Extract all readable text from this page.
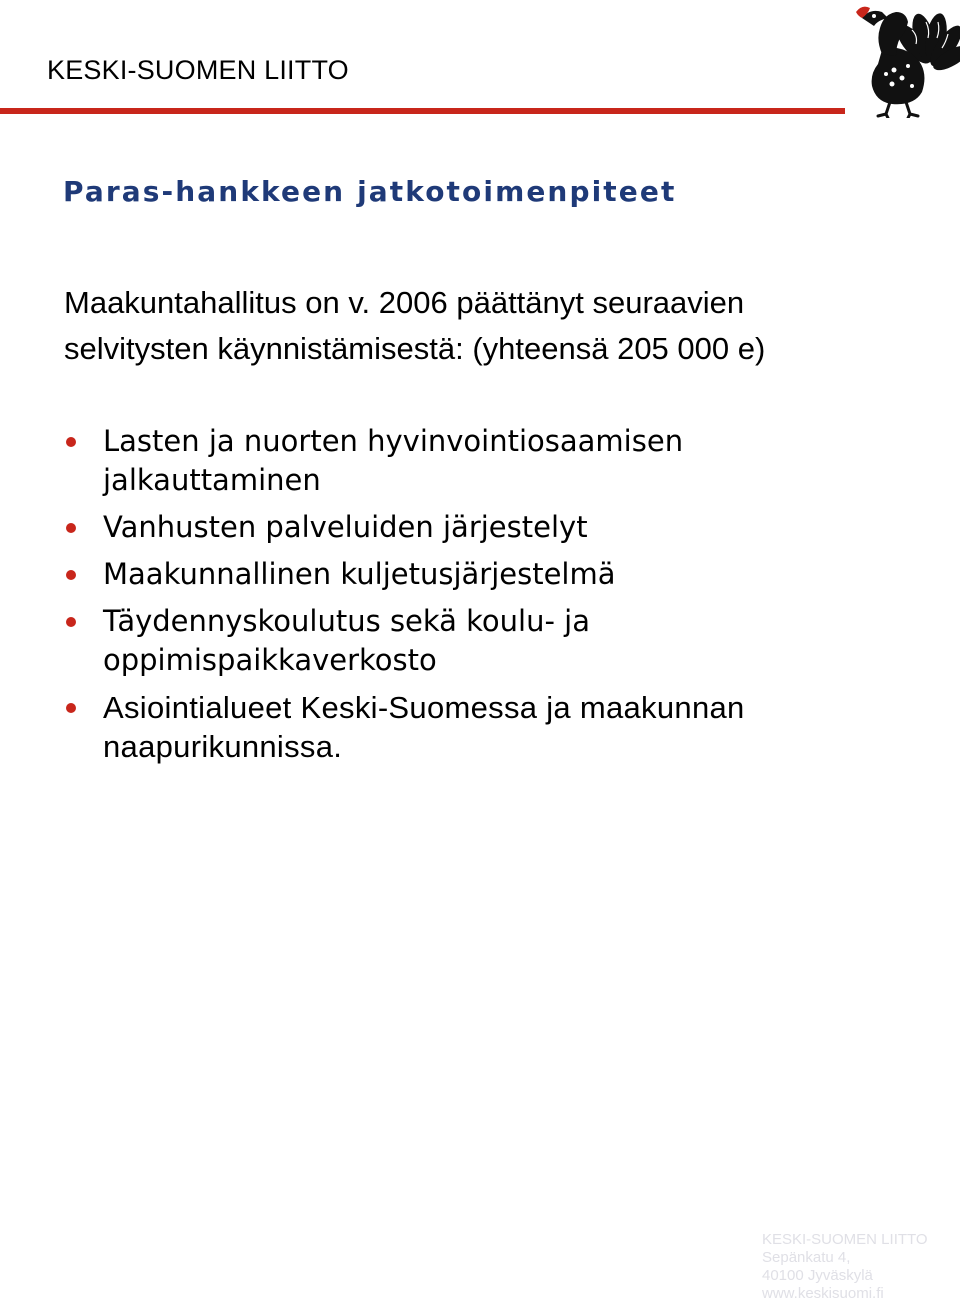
KESKI-SUOMEN LIITTO
Paras-hankkeen jatkotoimenpiteet
Maakuntahallitus on v. 2006 päättänyt seuraavien
selvitysten käynnistämisestä: (yhteensä 205 000 e)
Lasten ja nuorten hyvinvointiosaamisen
jalkauttaminen
Vanhusten palveluiden järjestelyt
Maakunnallinen kuljetusjärjestelmä
Täydennyskoulutus sekä koulu- ja
oppimispaikkaverkosto
Asiointialueet Keski-Suomessa ja maakunnan
naapurikunnissa.
KESKI-SUOMEN LIITTO
Sepänkatu 4,
40100 Jyväskylä
www.keskisuomi.fi
